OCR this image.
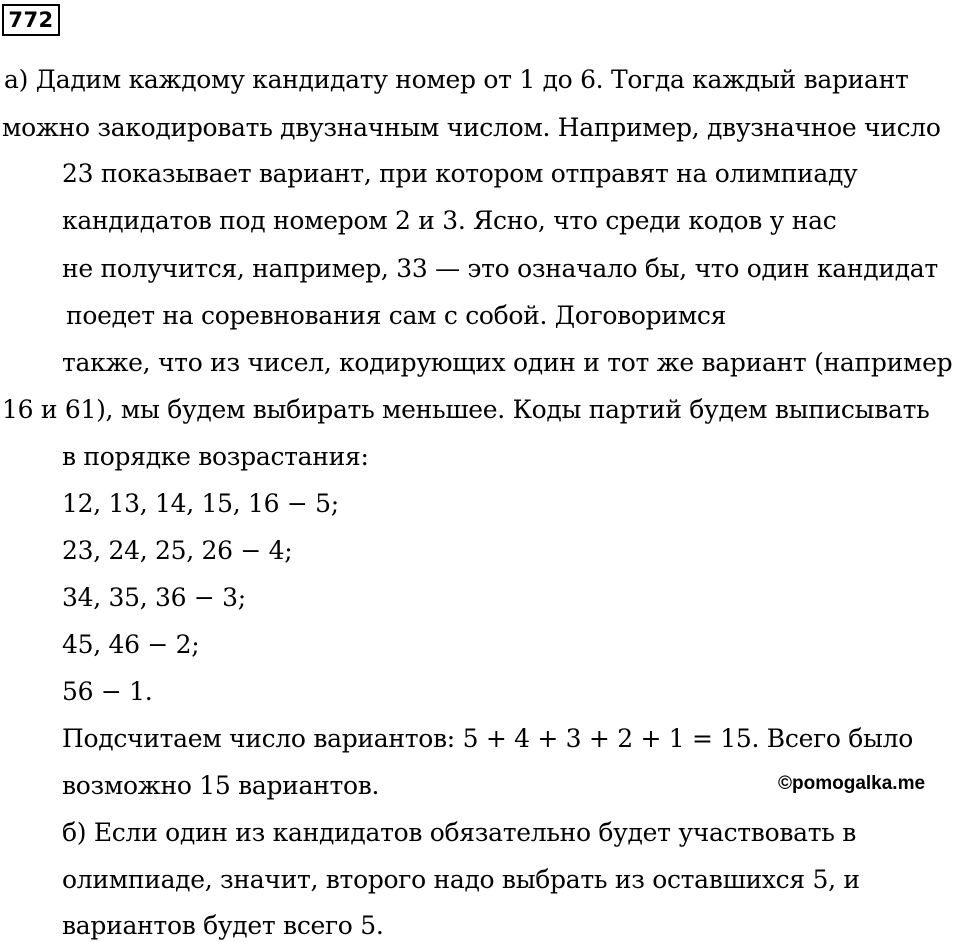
772
а) Дадим каждому кандидату номер от 1 до 6. Тогда каждый вариант
можно закодировать двузначным числом. Например, двузначное число
23 показывает вариант, при котором отправят на олимпиаду
кандидатов под номером 2 и 3. Ясно, что среди кодов у нас
не получится, например, 33 — это означало бы, что один кандидат
поедет на соревнования сам с собой. Договоримся
также, что из чисел, кодирующих один и тот же вариант (например
16 и 61), мы будем выбирать меньшее. Коды партий будем выписывать
в порядке возрастания:
12, 13, 14, 15, 16 − 5;
23, 24, 25, 26 − 4;
34, 35, 36 − 3;
45, 46 − 2;
56 − 1.
Подсчитаем число вариантов: 5 + 4 + 3 + 2 + 1 = 15. Всего было
возможно 15 вариантов.
б) Если один из кандидатов обязательно будет участвовать в
олимпиаде, значит, второго надо выбрать из оставшихся 5, и
вариантов будет всего 5.
©pomogalka.me
